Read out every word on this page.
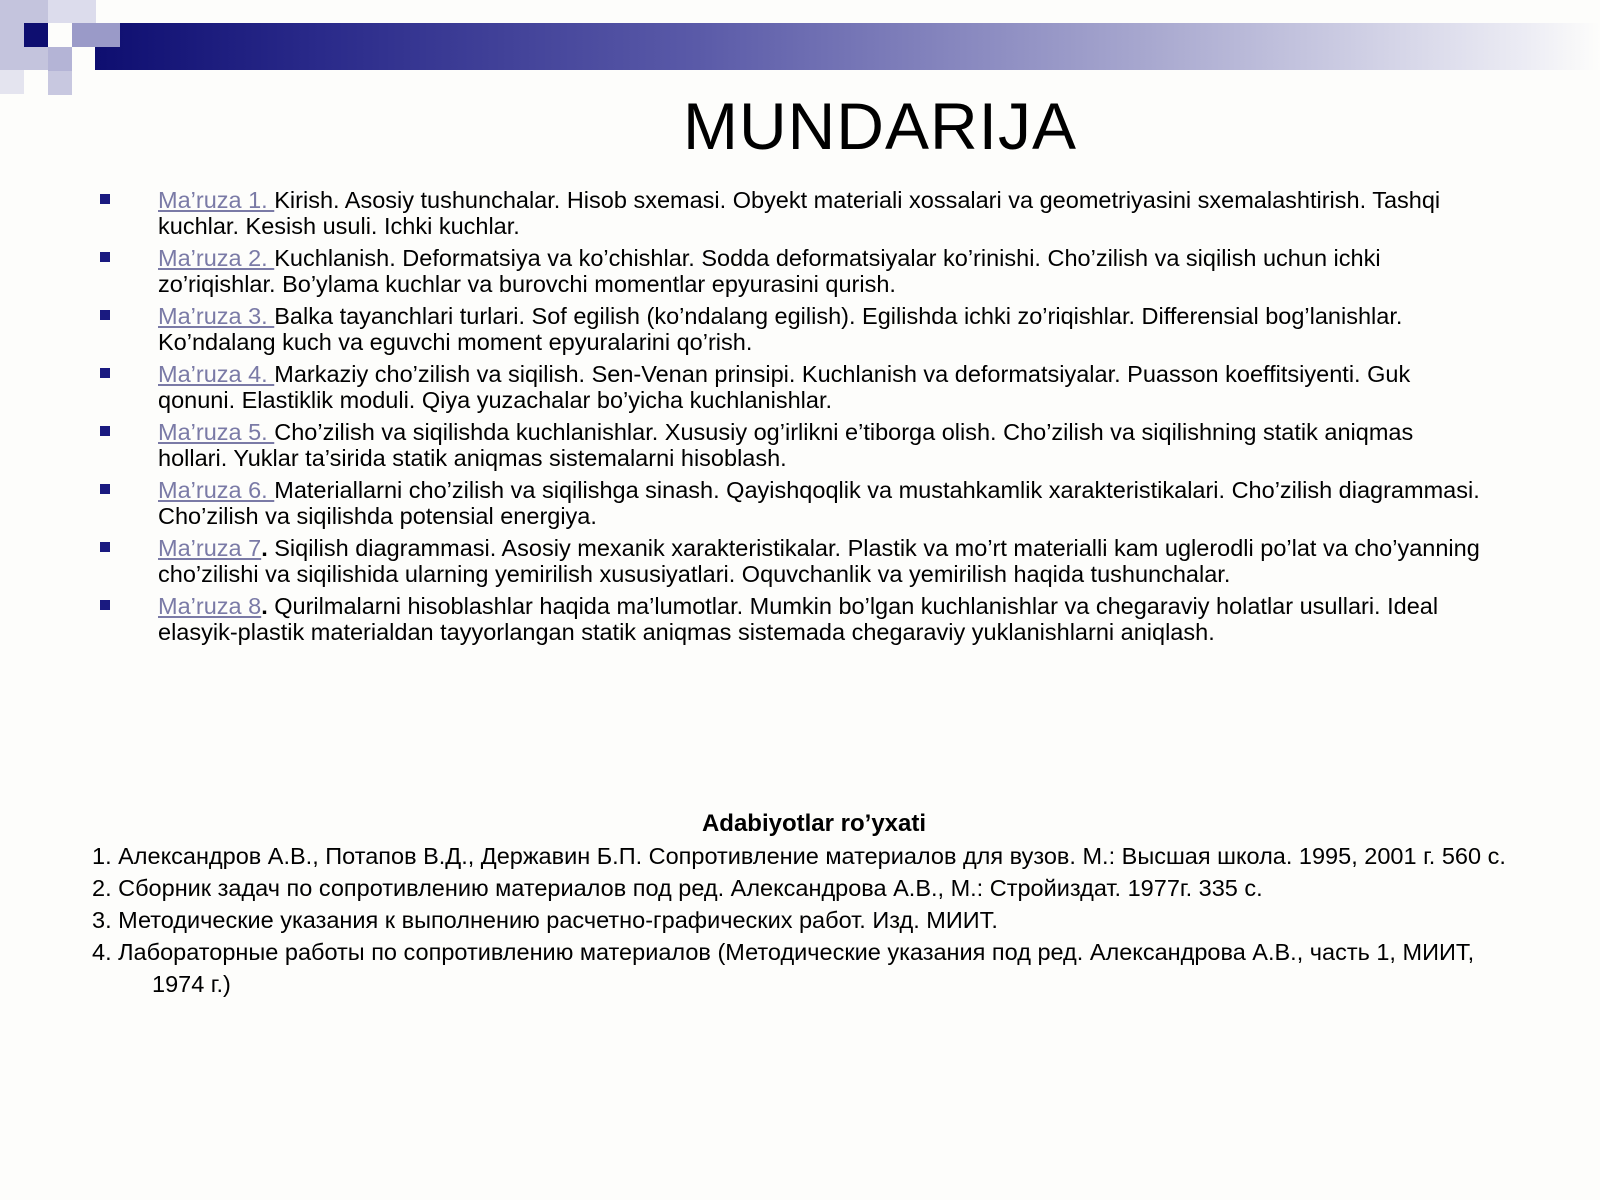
MUNDARIJA
Ma’ruza 1. Kirish. Asosiy tushunchalar. Hisob sxemasi. Obyekt materiali xossalari va geometriyasini sxemalashtirish. Tashqi kuchlar. Kesish usuli. Ichki kuchlar.
Ma’ruza 2. Kuchlanish. Deformatsiya va ko’chishlar. Sodda deformatsiyalar ko’rinishi. Cho’zilish va siqilish uchun ichki zo’riqishlar. Bo’ylama kuchlar va burovchi momentlar epyurasini qurish.
Ma’ruza 3. Balka tayanchlari turlari. Sof egilish (ko’ndalang egilish). Egilishda ichki zo’riqishlar. Differensial bog’lanishlar. Ko’ndalang kuch va eguvchi moment epyuralarini qo’rish.
Ma’ruza 4. Markaziy cho’zilish va siqilish. Sen-Venan prinsipi. Kuchlanish va deformatsiyalar. Puasson koeffitsiyenti. Guk qonuni. Elastiklik moduli. Qiya yuzachalar bo’yicha kuchlanishlar.
Ma’ruza 5. Cho’zilish va siqilishda kuchlanishlar. Xususiy og’irlikni e’tiborga olish. Cho’zilish va siqilishning statik aniqmas hollari. Yuklar ta’sirida statik aniqmas sistemalarni hisoblash.
Ma’ruza 6. Materiallarni cho’zilish va siqilishga sinash. Qayishqoqlik va mustahkamlik xarakteristikalari. Cho’zilish diagrammasi. Cho’zilish va siqilishda potensial energiya.
Ma’ruza 7. Siqilish diagrammasi. Asosiy mexanik xarakteristikalar. Plastik va mo’rt materialli kam uglerodli po’lat va cho’yanning cho’zilishi va siqilishida ularning yemirilish xususiyatlari. Oquvchanlik va yemirilish haqida tushunchalar.
Ma’ruza 8. Qurilmalarni hisoblashlar haqida ma’lumotlar. Mumkin bo’lgan kuchlanishlar va chegaraviy holatlar usullari. Ideal elasyik-plastik materialdan tayyorlangan statik aniqmas sistemada chegaraviy yuklanishlarni aniqlash.
Adabiyotlar ro’yxati
1. Александров А.В., Потапов В.Д., Державин Б.П. Сопротивление материалов для вузов. М.: Высшая школа. 1995, 2001 г. 560 с.
2. Сборник задач по сопротивлению материалов под ред. Александрова А.В., М.: Стройиздат. 1977г. 335 с.
3. Методические указания к выполнению расчетно-графических работ. Изд. МИИТ.
4. Лабораторные работы по сопротивлению материалов (Методические указания под ред. Александрова А.В., часть 1, МИИТ, 1974 г.)
